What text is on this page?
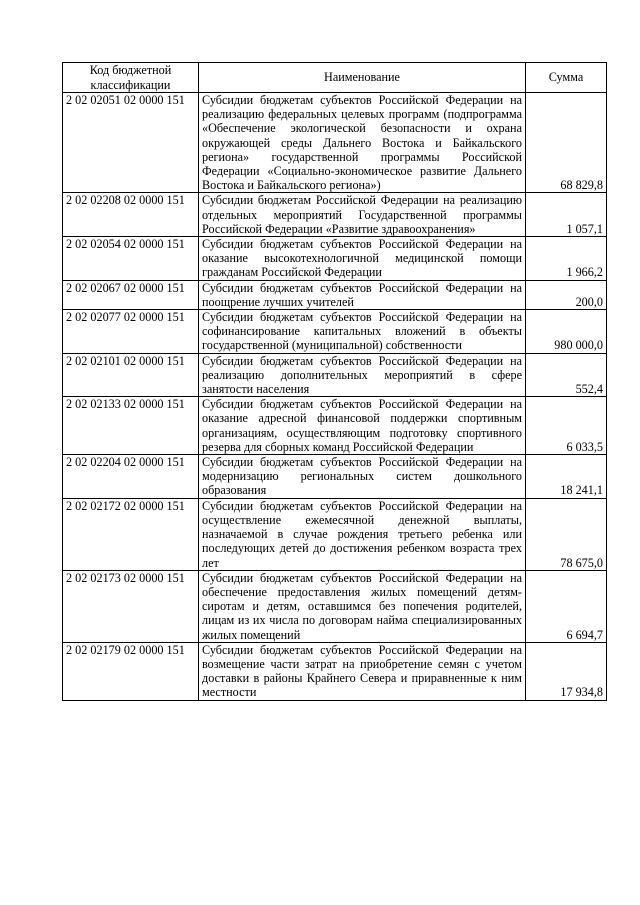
Код бюджетной классификации	Наименование	Сумма
2 02 02051 02 0000 151	Субсидии бюджетам субъектов Российской Федерации на реализацию федеральных целевых программ (подпрограмма «Обеспечение экологической безопасности и охрана окружающей среды Дальнего Востока и Байкальского региона» государственной программы Российской Федерации «Социально-экономическое развитие Дальнего Востока и Байкальского региона»)	68 829,8
2 02 02208 02 0000 151	Субсидии бюджетам Российской Федерации на реализацию отдельных мероприятий Государственной программы Российской Федерации «Развитие здравоохранения»	1 057,1
2 02 02054 02 0000 151	Субсидии бюджетам субъектов Российской Федерации на оказание высокотехнологичной медицинской помощи гражданам Российской Федерации	1 966,2
2 02 02067 02 0000 151	Субсидии бюджетам субъектов Российской Федерации на поощрение лучших учителей	200,0
2 02 02077 02 0000 151	Субсидии бюджетам субъектов Российской Федерации на софинансирование капитальных вложений в объекты государственной (муниципальной) собственности	980 000,0
2 02 02101 02 0000 151	Субсидии бюджетам субъектов Российской Федерации на реализацию дополнительных мероприятий в сфере занятости населения	552,4
2 02 02133 02 0000 151	Субсидии бюджетам субъектов Российской Федерации на оказание адресной финансовой поддержки спортивным организациям, осуществляющим подготовку спортивного резерва для сборных команд Российской Федерации	6 033,5
2 02 02204 02 0000 151	Субсидии бюджетам субъектов Российской Федерации на модернизацию региональных систем дошкольного образования	18 241,1
2 02 02172 02 0000 151	Субсидии бюджетам субъектов Российской Федерации на осуществление ежемесячной денежной выплаты, назначаемой в случае рождения третьего ребенка или последующих детей до достижения ребенком возраста трех лет	78 675,0
2 02 02173 02 0000 151	Субсидии бюджетам субъектов Российской Федерации на обеспечение предоставления жилых помещений детям-сиротам и детям, оставшимся без попечения родителей, лицам из их числа по договорам найма специализированных жилых помещений	6 694,7
2 02 02179 02 0000 151	Субсидии бюджетам субъектов Российской Федерации на возмещение части затрат на приобретение семян с учетом доставки в районы Крайнего Севера и приравненные к ним местности	17 934,8
